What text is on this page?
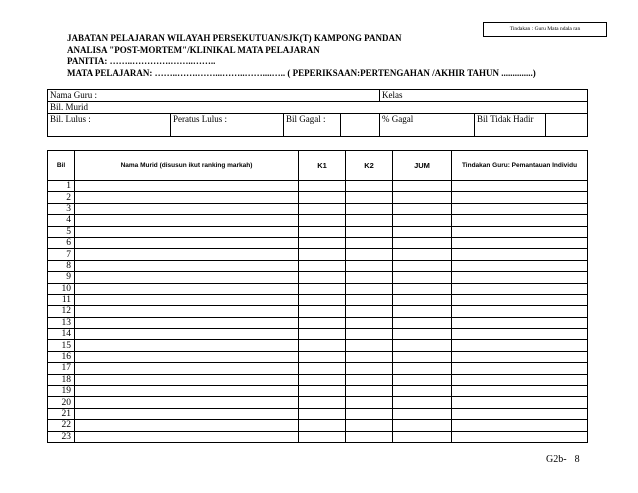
Tindakan : Guru Mata ndala ran
JABATAN PELAJARAN WILAYAH PERSEKUTUAN/SJK(T) KAMPONG PANDAN
ANALISA "POST-MORTEM"/KLINIKAL MATA PELAJARAN
PANITIA: ……..………….……..……..
MATA PELAJARAN: ……..…….……...……..……....….. ( PEPERIKSAAN:PERTENGAHAN /AKHIR TAHUN ..............)
Nama Guru :				Kelas		
Bil. Murid						
Bil. Lulus :	Peratus Lulus :	Bil Gagal :		% Gagal	Bil Tidak Hadir	
Bil	Nama Murid (disusun ikut ranking markah)	K1	K2	JUM	Tindakan Guru: Pemantauan Individu
1					
2					
3					
4					
5					
6					
7					
8					
9					
10					
11					
12					
13					
14					
15					
16					
17					
18					
19					
20					
21					
22					
23					
G2b- 8
